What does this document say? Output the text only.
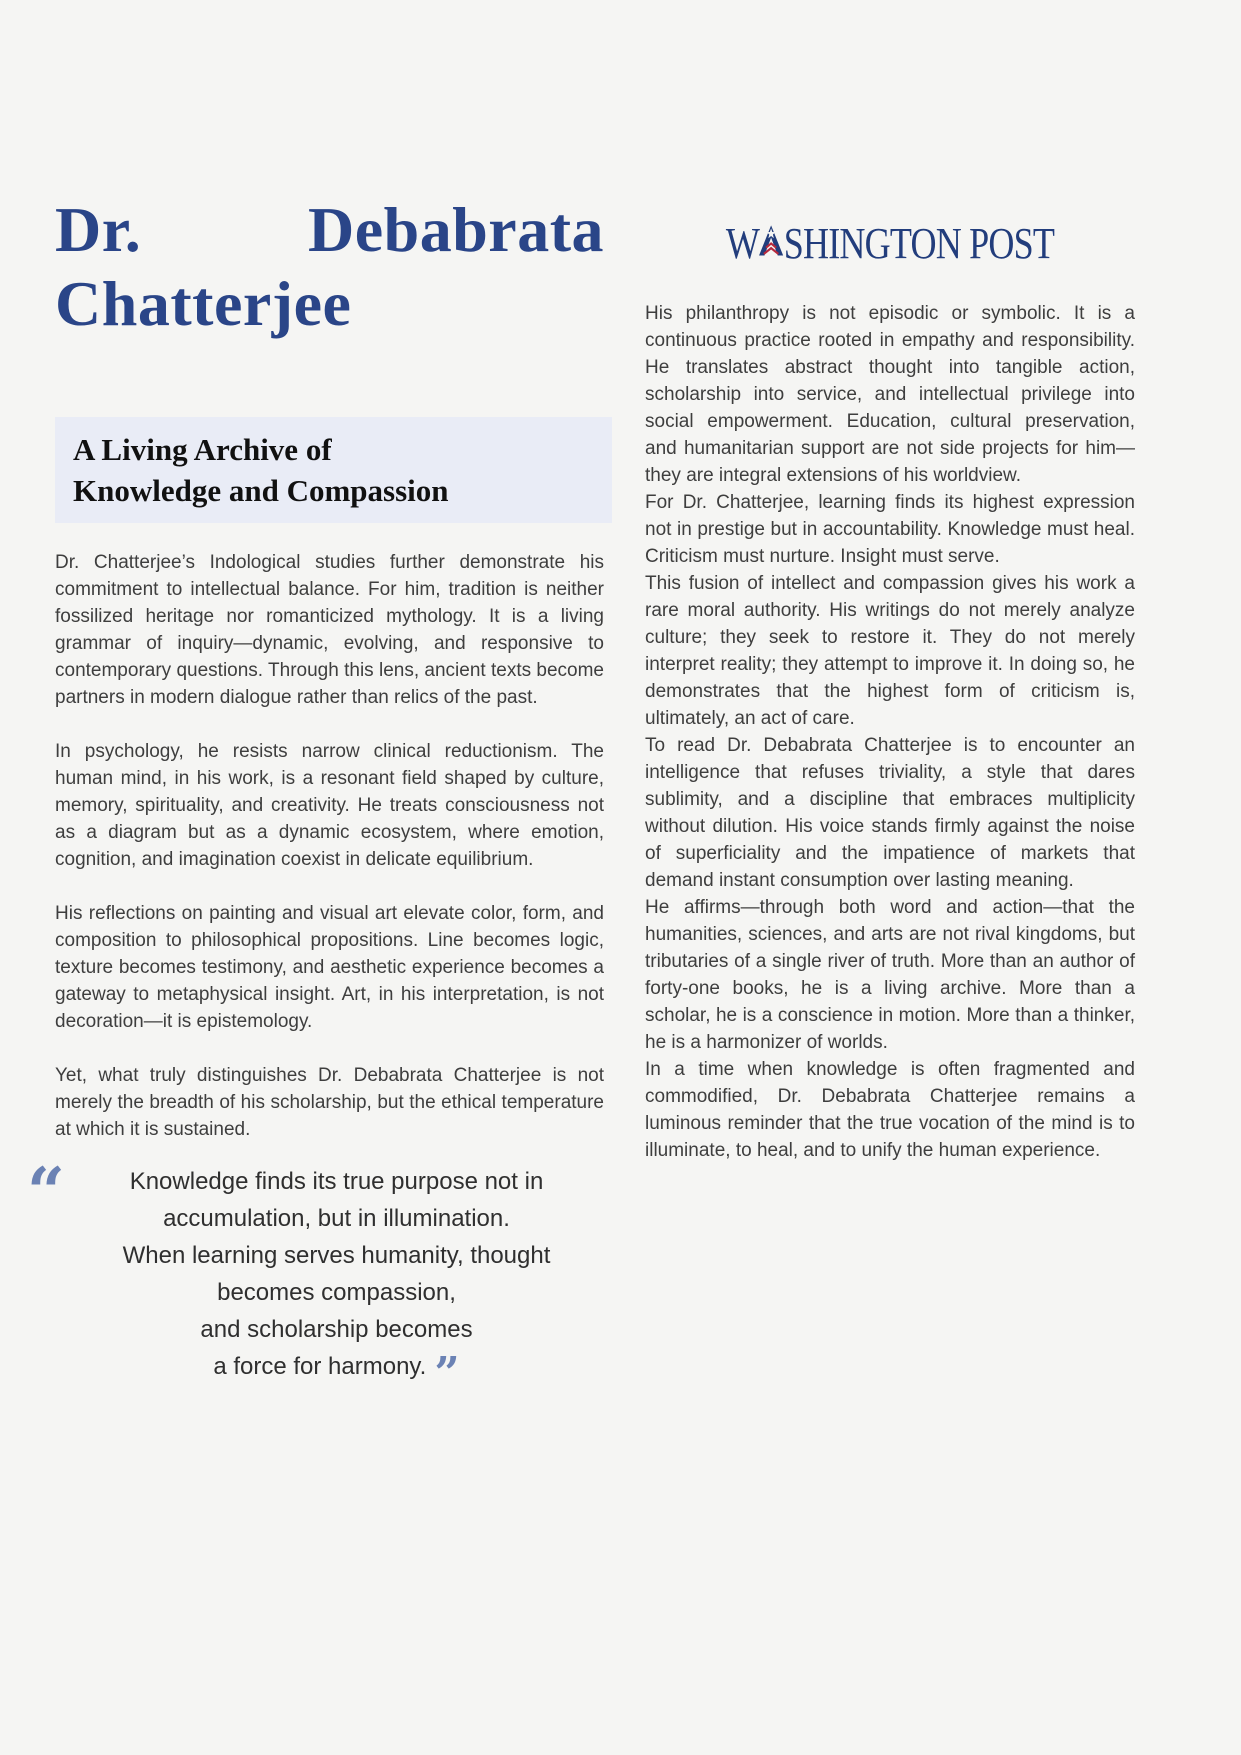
Dr. Debabrata
Chatterjee
A Living Archive of
Knowledge and Compassion

Dr. Chatterjee’s Indological studies further demonstrate his commitment to intellectual balance. For him, tradition is neither fossilized heritage nor romanticized mythology. It is a living grammar of inquiry—dynamic, evolving, and responsive to contemporary questions. Through this lens, ancient texts become partners in modern dialogue rather than relics of the past.

In psychology, he resists narrow clinical reductionism. The human mind, in his work, is a resonant field shaped by culture, memory, spirituality, and creativity. He treats consciousness not as a diagram but as a dynamic ecosystem, where emotion, cognition, and imagination coexist in delicate equilibrium.

His reflections on painting and visual art elevate color, form, and composition to philosophical propositions. Line becomes logic, texture becomes testimony, and aesthetic experience becomes a gateway to metaphysical insight. Art, in his interpretation, is not decoration—it is epistemology.

Yet, what truly distinguishes Dr. Debabrata Chatterjee is not merely the breadth of his scholarship, but the ethical temperature at which it is sustained.

“	Knowledge finds its true purpose not in
accumulation, but in illumination.
When learning serves humanity, thought
becomes compassion,
and scholarship becomes
a force for harmony. ”
W SHINGTON POST

His philanthropy is not episodic or symbolic. It is a continuous practice rooted in empathy and responsibility. He translates abstract thought into tangible action, scholarship into service, and intellectual privilege into social empowerment. Education, cultural preservation, and humanitarian support are not side projects for him—they are integral extensions of his worldview.

For Dr. Chatterjee, learning finds its highest expression not in prestige but in accountability. Knowledge must heal. Criticism must nurture. Insight must serve.

This fusion of intellect and compassion gives his work a rare moral authority. His writings do not merely analyze culture; they seek to restore it. They do not merely interpret reality; they attempt to improve it. In doing so, he demonstrates that the highest form of criticism is, ultimately, an act of care.

To read Dr. Debabrata Chatterjee is to encounter an intelligence that refuses triviality, a style that dares sublimity, and a discipline that embraces multiplicity without dilution. His voice stands firmly against the noise of superficiality and the impatience of markets that demand instant consumption over lasting meaning.

He affirms—through both word and action—that the humanities, sciences, and arts are not rival kingdoms, but tributaries of a single river of truth. More than an author of forty-one books, he is a living archive. More than a scholar, he is a conscience in motion. More than a thinker, he is a harmonizer of worlds.

In a time when knowledge is often fragmented and commodified, Dr. Debabrata Chatterjee remains a luminous reminder that the true vocation of the mind is to illuminate, to heal, and to unify the human experience.
